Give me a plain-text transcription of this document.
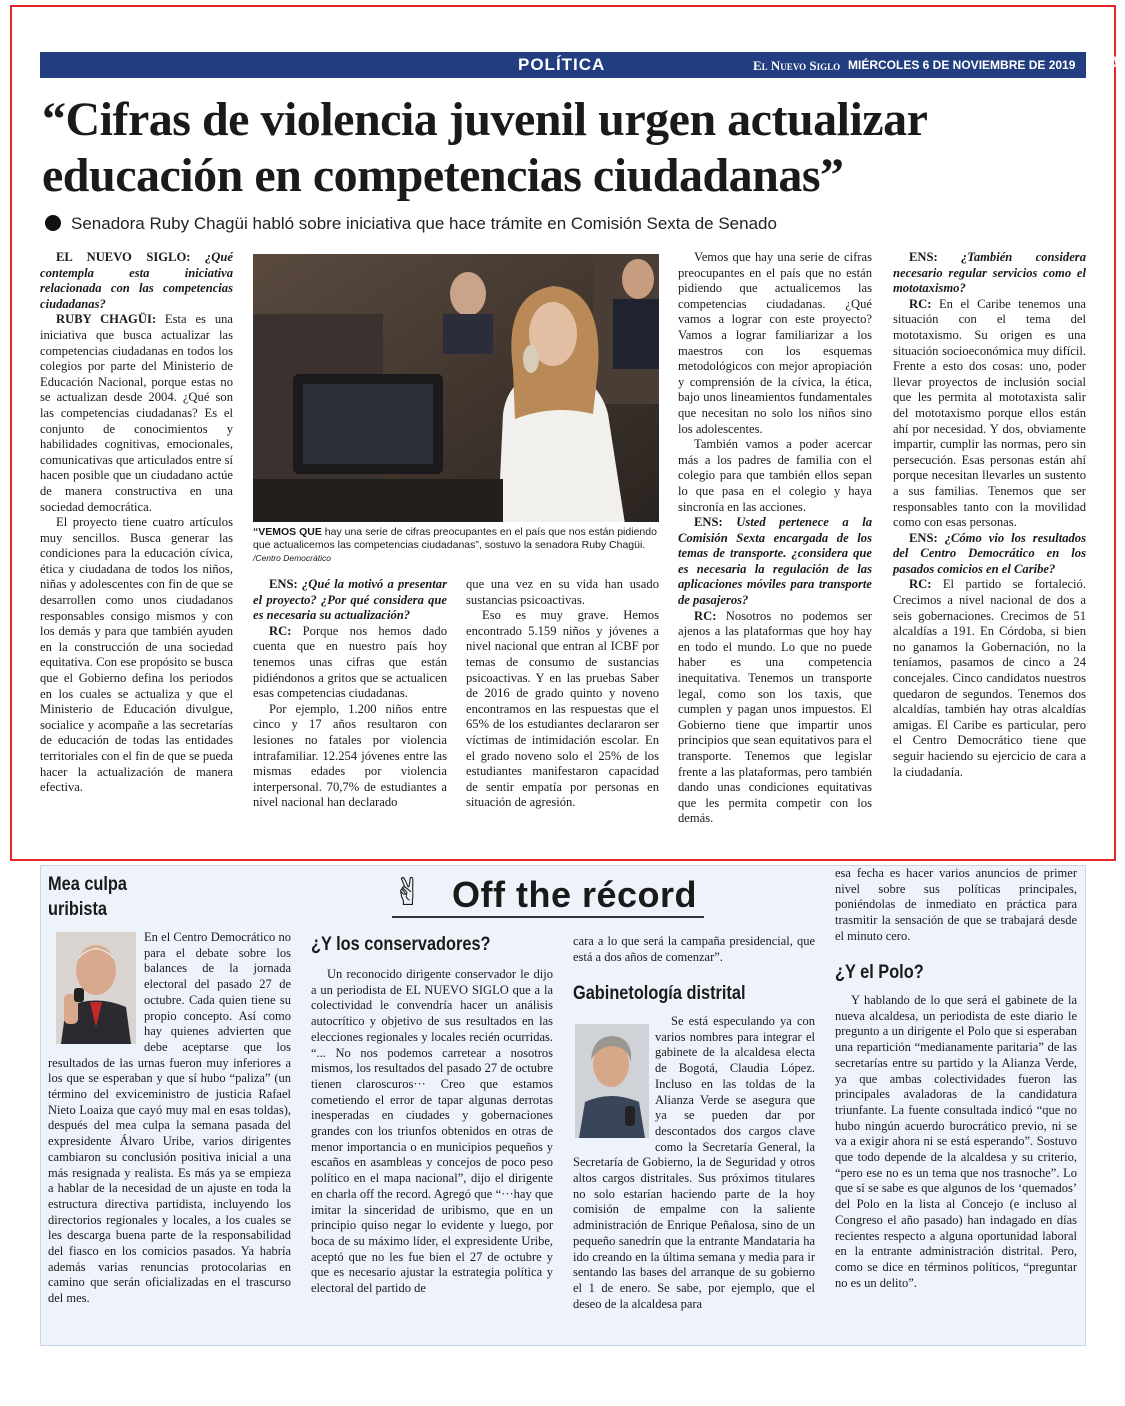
POLÍTICA	El Nuevo Siglo MIÉRCOLES 6 DE NOVIEMBRE DE 2019 13A
“Cifras de violencia juvenil urgen actualizar educación en competencias ciudadanas”
Senadora Ruby Chagüi habló sobre iniciativa que hace trámite en Comisión Sexta de Senado

EL NUEVO SIGLO: ¿Qué contempla esta iniciativa relacionada con las competencias ciudadanas?

RUBY CHAGÜI: Esta es una iniciativa que busca actualizar las competencias ciudadanas en todos los colegios por parte del Ministerio de Educación Nacional, porque estas no se actualizan desde 2004. ¿Qué son las competencias ciudadanas? Es el conjunto de conocimientos y habilidades cognitivas, emocionales, comunicativas que articulados entre sí hacen posible que un ciudadano actúe de manera constructiva en una sociedad democrática.

El proyecto tiene cuatro artículos muy sencillos. Busca generar las condiciones para la educación cívica, ética y ciudadana de todos los niños, niñas y adolescentes con fin de que se desarrollen como unos ciudadanos responsables consigo mismos y con los demás y para que también ayuden en la construcción de una sociedad equitativa. Con ese propósito se busca que el Gobierno defina los periodos en los cuales se actualiza y que el Ministerio de Educación divulgue, socialice y acompañe a las secretarías de educación de todas las entidades territoriales con el fin de que se pueda hacer la actualización de manera efectiva.

“VEMOS QUE hay una serie de cifras preocupantes en el país que nos están pidiendo que actualicemos las competencias ciudadanas”, sostuvo la senadora Ruby Chagüi. /Centro Democrático

ENS: ¿Qué la motivó a presentar el proyecto? ¿Por qué considera que es necesaria su actualización?

RC: Porque nos hemos dado cuenta que en nuestro país hoy tenemos unas cifras que están pidiéndonos a gritos que se actualicen esas competencias ciudadanas.

Por ejemplo, 1.200 niños entre cinco y 17 años resultaron con lesiones no fatales por violencia intrafamiliar. 12.254 jóvenes entre las mismas edades por violencia interpersonal. 70,7% de estudiantes a nivel nacional han declarado

que una vez en su vida han usado sustancias psicoactivas.

Eso es muy grave. Hemos encontrado 5.159 niños y jóvenes a nivel nacional que entran al ICBF por temas de consumo de sustancias psicoactivas. Y en las pruebas Saber de 2016 de grado quinto y noveno encontramos en las respuestas que el 65% de los estudiantes declararon ser víctimas de intimidación escolar. En el grado noveno solo el 25% de los estudiantes manifestaron capacidad de sentir empatía por personas en situación de agresión.

Vemos que hay una serie de cifras preocupantes en el país que no están pidiendo que actualicemos las competencias ciudadanas. ¿Qué vamos a lograr con este proyecto? Vamos a lograr familiarizar a los maestros con los esquemas metodológicos con mejor apropiación y comprensión de la cívica, la ética, bajo unos lineamientos fundamentales que necesitan no solo los niños sino los adolescentes.

También vamos a poder acercar más a los padres de familia con el colegio para que también ellos sepan lo que pasa en el colegio y haya sincronía en las acciones.

ENS: Usted pertenece a la Comisión Sexta encargada de los temas de transporte. ¿considera que es necesaria la regulación de las aplicaciones móviles para transporte de pasajeros?

RC: Nosotros no podemos ser ajenos a las plataformas que hoy hay en todo el mundo. Lo que no puede haber es una competencia inequitativa. Tenemos un transporte legal, como son los taxis, que cumplen y pagan unos impuestos. El Gobierno tiene que impartir unos principios que sean equitativos para el transporte. Tenemos que legislar frente a las plataformas, pero también dando unas condiciones equitativas que les permita competir con los demás.

ENS: ¿También considera necesario regular servicios como el mototaxismo?

RC: En el Caribe tenemos una situación con el tema del mototaxismo. Su origen es una situación socioeconómica muy difícil. Frente a esto dos cosas: uno, poder llevar proyectos de inclusión social que les permita al mototaxista salir del mototaxismo porque ellos están ahí por necesidad. Y dos, obviamente impartir, cumplir las normas, pero sin persecución. Esas personas están ahí porque necesitan llevarles un sustento a sus familias. Tenemos que ser responsables tanto con la movilidad como con esas personas.

ENS: ¿Cómo vio los resultados del Centro Democrático en los pasados comicios en el Caribe?

RC: El partido se fortaleció. Crecimos a nivel nacional de dos a seis gobernaciones. Crecimos de 51 alcaldías a 191. En Córdoba, si bien no ganamos la Gobernación, no la teníamos, pasamos de cinco a 24 concejales. Cinco candidatos nuestros quedaron de segundos. Tenemos dos alcaldías, también hay otras alcaldías amigas. El Caribe es particular, pero el Centro Democrático tiene que seguir haciendo su ejercicio de cara a la ciudadanía.

✌ Off the récord
Mea culpa uribista

En el Centro Democrático no para el debate sobre los balances de la jornada electoral del pasado 27 de octubre. Cada quien tiene su propio concepto. Así como hay quienes advierten que debe aceptarse que los resultados de las urnas fueron muy inferiores a los que se esperaban y que sí hubo “paliza” (un término del exviceministro de justicia Rafael Nieto Loaiza que cayó muy mal en esas toldas), después del mea culpa la semana pasada del expresidente Álvaro Uribe, varios dirigentes cambiaron su conclusión positiva inicial a una más resignada y realista. Es más ya se empieza a hablar de la necesidad de un ajuste en toda la estructura directiva partidista, incluyendo los directorios regionales y locales, a los cuales se les descarga buena parte de la responsabilidad del fiasco en los comicios pasados. Ya habría además varias renuncias protocolarias en camino que serán oficializadas en el trascurso del mes.

¿Y los conservadores?

Un reconocido dirigente conservador le dijo a un periodista de EL NUEVO SIGLO que a la colectividad le convendría hacer un análisis autocrítico y objetivo de sus resultados en las elecciones regionales y locales recién ocurridas. “... No nos podemos carretear a nosotros mismos, los resultados del pasado 27 de octubre tienen claroscuros··· Creo que estamos cometiendo el error de tapar algunas derrotas inesperadas en ciudades y gobernaciones grandes con los triunfos obtenidos en otras de menor importancia o en municipios pequeños y escaños en asambleas y concejos de poco peso político en el mapa nacional”, dijo el dirigente en charla off the record. Agregó que “···hay que imitar la sinceridad de uribismo, que en un principio quiso negar lo evidente y luego, por boca de su máximo líder, el expresidente Uribe, aceptó que no les fue bien el 27 de octubre y que es necesario ajustar la estrategia política y electoral del partido de

cara a lo que será la campaña presidencial, que está a dos años de comenzar”.

Gabinetología distrital

Se está especulando ya con varios nombres para integrar el gabinete de la alcaldesa electa de Bogotá, Claudia López. Incluso en las toldas de la Alianza Verde se asegura que ya se pueden dar por descontados dos cargos clave como la Secretaría General, la Secretaría de Gobierno, la de Seguridad y otros altos cargos distritales. Sus próximos titulares no solo estarían haciendo parte de la hoy comisión de empalme con la saliente administración de Enrique Peñalosa, sino de un pequeño sanedrín que la entrante Mandataria ha ido creando en la última semana y media para ir sentando las bases del arranque de su gobierno el 1 de enero. Se sabe, por ejemplo, que el deseo de la alcaldesa para

esa fecha es hacer varios anuncios de primer nivel sobre sus políticas principales, poniéndolas de inmediato en práctica para trasmitir la sensación de que se trabajará desde el minuto cero.

¿Y el Polo?

Y hablando de lo que será el gabinete de la nueva alcaldesa, un periodista de este diario le pregunto a un dirigente el Polo que si esperaban una repartición “medianamente paritaria” de las secretarías entre su partido y la Alianza Verde, ya que ambas colectividades fueron las principales avaladoras de la candidatura triunfante. La fuente consultada indicó “que no hubo ningún acuerdo burocrático previo, ni se va a exigir ahora ni se está esperando”. Sostuvo que todo depende de la alcaldesa y su criterio, “pero ese no es un tema que nos trasnoche”. Lo que sí se sabe es que algunos de los ‘quemados’ del Polo en la lista al Concejo (e incluso al Congreso el año pasado) han indagado en días recientes respecto a alguna oportunidad laboral en la entrante administración distrital. Pero, como se dice en términos políticos, “preguntar no es un delito”.
